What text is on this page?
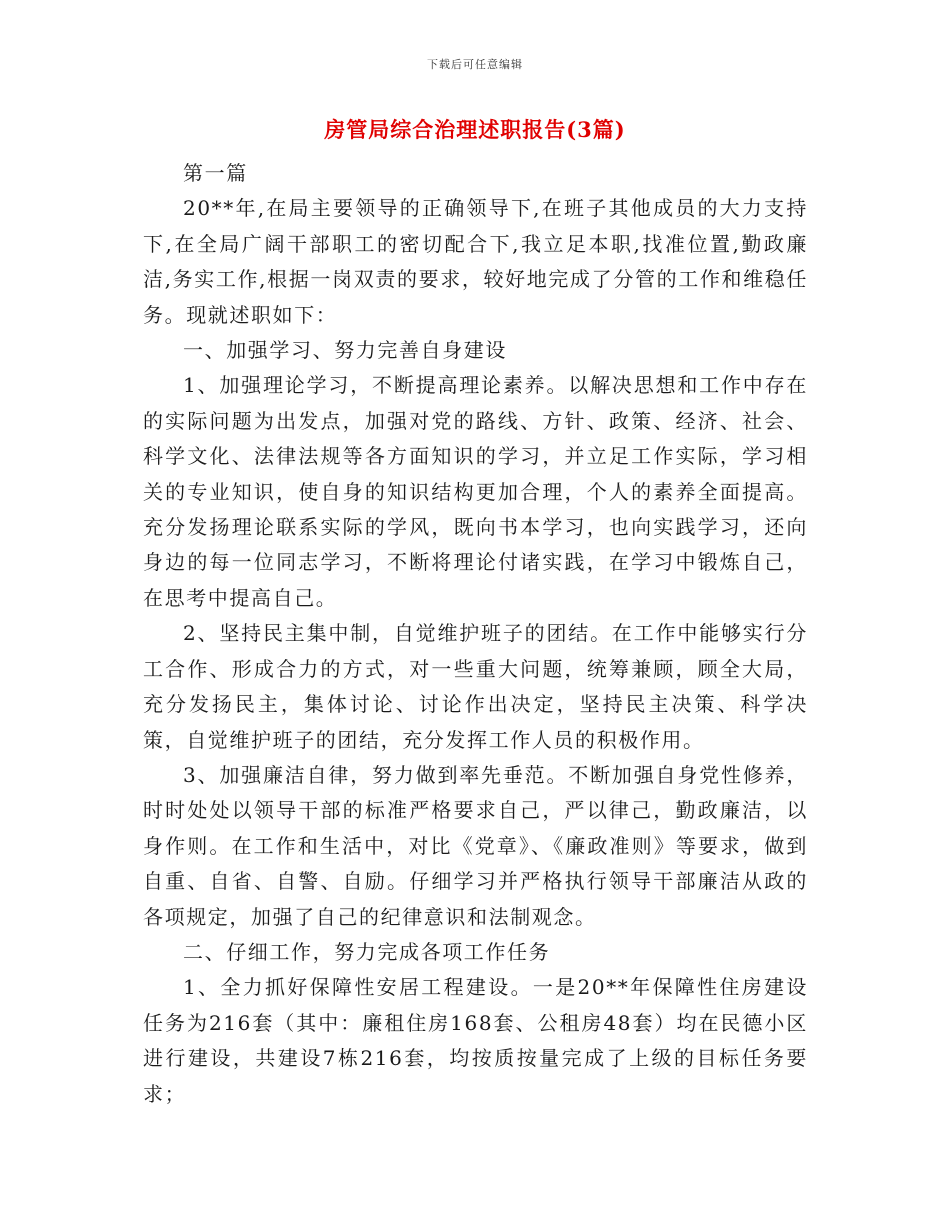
下载后可任意编辑
房管局综合治理述职报告(3篇)

第一篇

20**年,在局主要领导的正确领导下,在班子其他成员的大力支持下,在全局广阔干部职工的密切配合下,我立足本职,找准位置,勤政廉洁,务实工作,根据一岗双责的要求，较好地完成了分管的工作和维稳任务。现就述职如下：

一、加强学习、努力完善自身建设

1、加强理论学习，不断提高理论素养。以解决思想和工作中存在的实际问题为出发点，加强对党的路线、方针、政策、经济、社会、科学文化、法律法规等各方面知识的学习，并立足工作实际，学习相关的专业知识，使自身的知识结构更加合理，个人的素养全面提高。充分发扬理论联系实际的学风，既向书本学习，也向实践学习，还向身边的每一位同志学习，不断将理论付诸实践，在学习中锻炼自己，在思考中提高自己。

2、坚持民主集中制，自觉维护班子的团结。在工作中能够实行分工合作、形成合力的方式，对一些重大问题，统筹兼顾，顾全大局，充分发扬民主，集体讨论、讨论作出决定，坚持民主决策、科学决策，自觉维护班子的团结，充分发挥工作人员的积极作用。

3、加强廉洁自律，努力做到率先垂范。不断加强自身党性修养，时时处处以领导干部的标准严格要求自己，严以律己，勤政廉洁，以身作则。在工作和生活中，对比《党章》、《廉政准则》等要求，做到自重、自省、自警、自励。仔细学习并严格执行领导干部廉洁从政的各项规定，加强了自己的纪律意识和法制观念。

二、仔细工作，努力完成各项工作任务

1、全力抓好保障性安居工程建设。一是20**年保障性住房建设任务为216套（其中：廉租住房168套、公租房48套）均在民德小区进行建设，共建设7栋216套，均按质按量完成了上级的目标任务要求；
